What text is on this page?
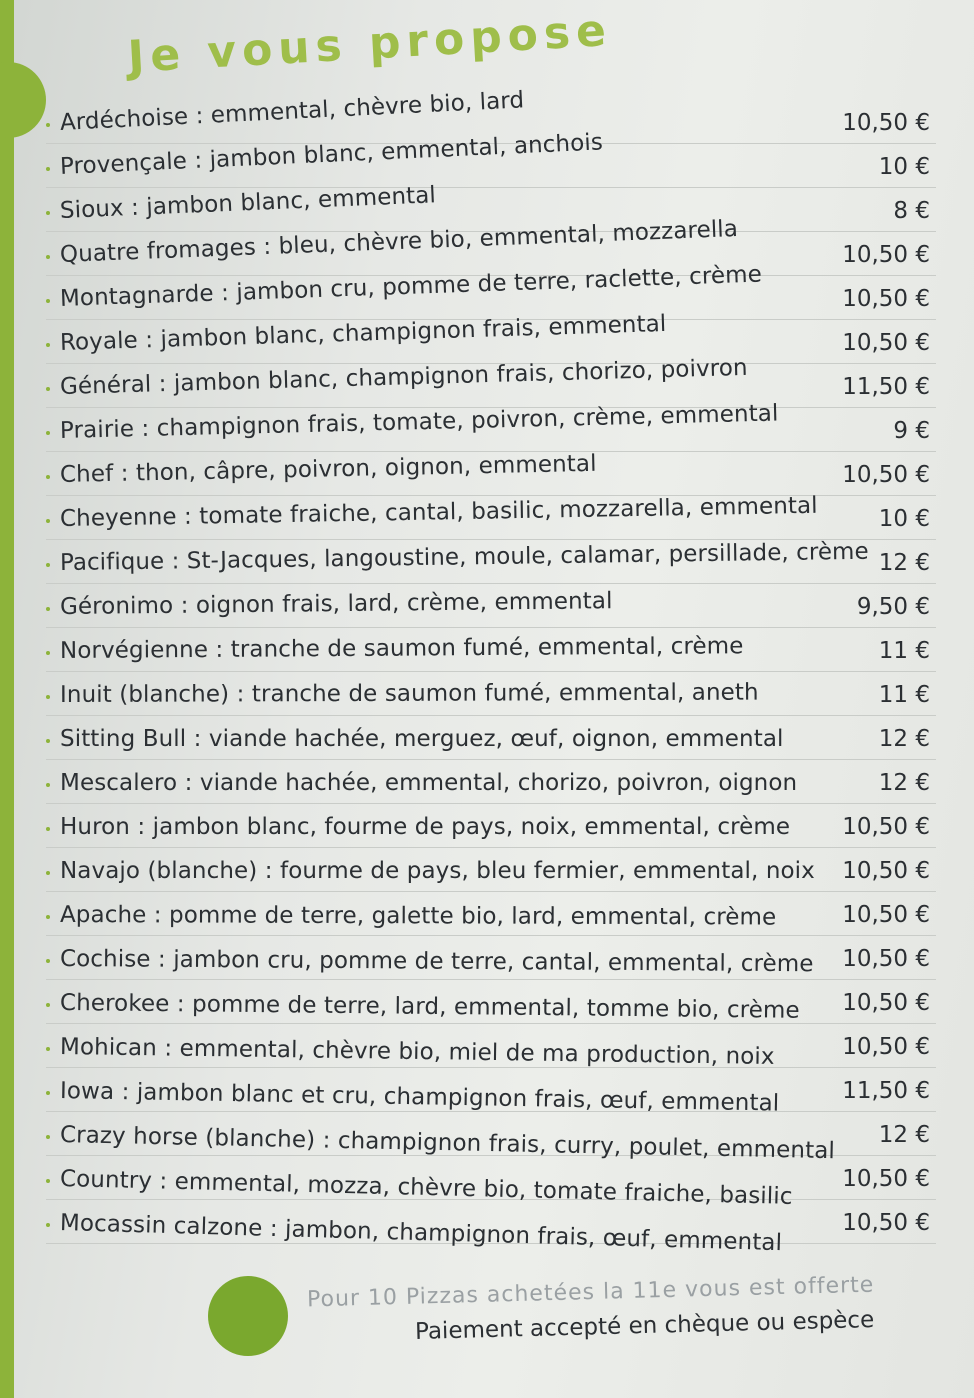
Je vous propose
Ardéchoise : emmental, chèvre bio, lard	10,50 €
Provençale : jambon blanc, emmental, anchois	10 €
Sioux : jambon blanc, emmental	8 €
Quatre fromages : bleu, chèvre bio, emmental, mozzarella	10,50 €
Montagnarde : jambon cru, pomme de terre, raclette, crème	10,50 €
Royale : jambon blanc, champignon frais, emmental	10,50 €
Général : jambon blanc, champignon frais, chorizo, poivron	11,50 €
Prairie : champignon frais, tomate, poivron, crème, emmental	9 €
Chef : thon, câpre, poivron, oignon, emmental	10,50 €
Cheyenne : tomate fraiche, cantal, basilic, mozzarella, emmental	10 €
Pacifique : St-Jacques, langoustine, moule, calamar, persillade, crème 12 €
Géronimo : oignon frais, lard, crème, emmental	9,50 €
Norvégienne : tranche de saumon fumé, emmental, crème	11 €
Inuit (blanche) : tranche de saumon fumé, emmental, aneth	11 €
Sitting Bull : viande hachée, merguez, œuf, oignon, emmental	12 €
Mescalero : viande hachée, emmental, chorizo, poivron, oignon	12 €
Huron : jambon blanc, fourme de pays, noix, emmental, crème 10,50 €
Navajo (blanche) : fourme de pays, bleu fermier, emmental, noix 10,50 €
Apache : pomme de terre, galette bio, lard, emmental, crème	10,50 €
Cochise : jambon cru, pomme de terre, cantal, emmental, crème 10,50 €
Cherokee : pomme de terre, lard, emmental, tomme bio, crème 10,50 €
Mohican : emmental, chèvre bio, miel de ma production, noix	10,50 €
Iowa : jambon blanc et cru, champignon frais, œuf, emmental	11,50 €
Crazy horse (blanche) : champignon frais, curry, poulet, emmental 12 €
Country : emmental, mozza, chèvre bio, tomate fraiche, basilic 10,50 €
Mocassin calzone : jambon, champignon frais, œuf, emmental	10,50 €
Pour 10 Pizzas achetées la 11e vous est offerte
Paiement accepté en chèque ou espèce
